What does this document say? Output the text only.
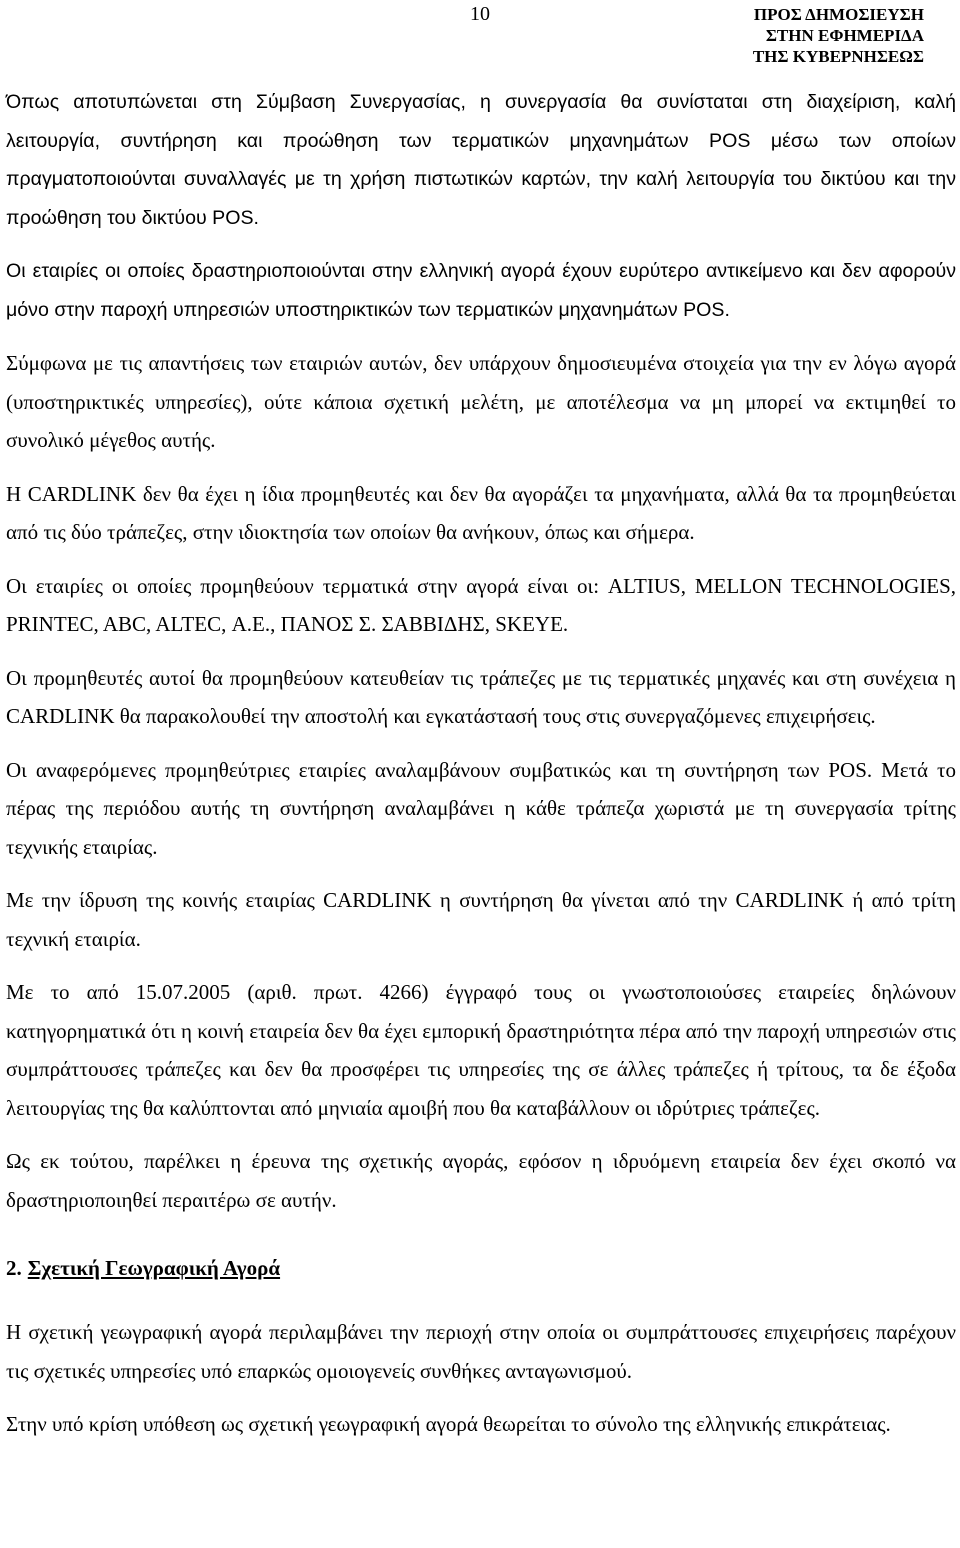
10	ΠΡΟΣ ΔΗΜΟΣΙΕΥΣΗ
ΣΤΗΝ ΕΦΗΜΕΡΙΔΑ
ΤΗΣ ΚΥΒΕΡΝΗΣΕΩΣ

Όπως αποτυπώνεται στη Σύμβαση Συνεργασίας, η συνεργασία θα συνίσταται στη διαχείριση, καλή λειτουργία, συντήρηση και προώθηση των τερματικών μηχανημάτων POS μέσω των οποίων πραγματοποιούνται συναλλαγές με τη χρήση πιστωτικών καρτών, την καλή λειτουργία του δικτύου και την προώθηση του δικτύου POS.

Οι εταιρίες οι οποίες δραστηριοποιούνται στην ελληνική αγορά έχουν ευρύτερο αντικείμενο και δεν αφορούν μόνο στην παροχή υπηρεσιών υποστηρικτικών των τερματικών μηχανημάτων POS.

Σύμφωνα με τις απαντήσεις των εταιριών αυτών, δεν υπάρχουν δημοσιευμένα στοιχεία για την εν λόγω αγορά (υποστηρικτικές υπηρεσίες), ούτε κάποια σχετική μελέτη, με αποτέλεσμα να μη μπορεί να εκτιμηθεί το συνολικό μέγεθος αυτής.

Η CARDLINK δεν θα έχει η ίδια προμηθευτές και δεν θα αγοράζει τα μηχανήματα, αλλά θα τα προμηθεύεται από τις δύο τράπεζες, στην ιδιοκτησία των οποίων θα ανήκουν, όπως και σήμερα.

Οι εταιρίες οι οποίες προμηθεύουν τερματικά στην αγορά είναι οι: ALTIUS, MELLON TECHNOLOGIES, PRINTEC, ABC, ALTEC, Α.Ε., ΠΑΝΟΣ Σ. ΣΑΒΒΙΔΗΣ, SKEYE.

Οι προμηθευτές αυτοί θα προμηθεύουν κατευθείαν τις τράπεζες με τις τερματικές μηχανές και στη συνέχεια η CARDLINK θα παρακολουθεί την αποστολή και εγκατάστασή τους στις συνεργαζόμενες επιχειρήσεις.

Οι αναφερόμενες προμηθεύτριες εταιρίες αναλαμβάνουν συμβατικώς και τη συντήρηση των POS. Μετά το πέρας της περιόδου αυτής τη συντήρηση αναλαμβάνει η κάθε τράπεζα χωριστά με τη συνεργασία τρίτης τεχνικής εταιρίας.

Με την ίδρυση της κοινής εταιρίας CARDLINK η συντήρηση θα γίνεται από την CARDLINK ή από τρίτη τεχνική εταιρία.

Με το από 15.07.2005 (αριθ. πρωτ. 4266) έγγραφό τους οι γνωστοποιούσες εταιρείες δηλώνουν κατηγορηματικά ότι η κοινή εταιρεία δεν θα έχει εμπορική δραστηριότητα πέρα από την παροχή υπηρεσιών στις συμπράττουσες τράπεζες και δεν θα προσφέρει τις υπηρεσίες της σε άλλες τράπεζες ή τρίτους, τα δε έξοδα λειτουργίας της θα καλύπτονται από μηνιαία αμοιβή που θα καταβάλλουν οι ιδρύτριες τράπεζες.

Ως εκ τούτου, παρέλκει η έρευνα της σχετικής αγοράς, εφόσον η ιδρυόμενη εταιρεία δεν έχει σκοπό να δραστηριοποιηθεί περαιτέρω σε αυτήν.

2. Σχετική Γεωγραφική Αγορά

Η σχετική γεωγραφική αγορά περιλαμβάνει την περιοχή στην οποία οι συμπράττουσες επιχειρήσεις παρέχουν τις σχετικές υπηρεσίες υπό επαρκώς ομοιογενείς συνθήκες ανταγωνισμού.

Στην υπό κρίση υπόθεση ως σχετική γεωγραφική αγορά θεωρείται το σύνολο της ελληνικής επικράτειας.
